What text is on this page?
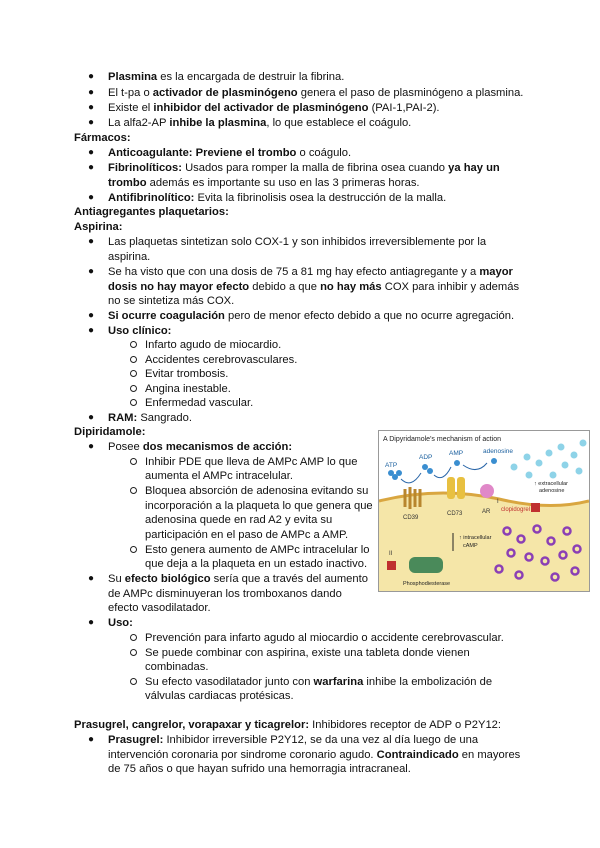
● Plasmina es la encargada de destruir la fibrina.
● El t-pa o activador de plasminógeno genera el paso de plasminógeno a plasmina.
● Existe el inhibidor del activador de plasminógeno (PAI-1,PAI-2).
● La alfa2-AP inhibe la plasmina, lo que establece el coágulo.
Fármacos:
● Anticoagulante: Previene el trombo o coágulo.
● Fibrinolíticos: Usados para romper la malla de fibrina osea cuando ya hay un
trombo además es importante su uso en las 3 primeras horas.
● Antifibrinolítico: Evita la fibrinolisis osea la destrucción de la malla.
Antiagregantes plaquetarios:
Aspirina:
● Las plaquetas sintetizan solo COX-1 y son inhibidos irreversiblemente por la
aspirina.
● Se ha visto que con una dosis de 75 a 81 mg hay efecto antiagregante y a mayor
dosis no hay mayor efecto debido a que no hay más COX para inhibir y además
no se sintetiza más COX.
● Si ocurre coagulación pero de menor efecto debido a que no ocurre agregación.
● Uso clínico:
Infarto agudo de miocardio.
Accidentes cerebrovasculares.
Evitar trombosis.
Angina inestable.
Enfermedad vascular.
● RAM: Sangrado.
Dipiridamole:
● Posee dos mecanismos de acción:
Inhibir PDE que lleva de AMPc AMP lo que
aumenta el AMPc intracelular.
Bloquea absorción de adenosina evitando su
incorporación a la plaqueta lo que genera que
adenosina quede en rad A2 y evita su
participación en el paso de AMPc a AMP.
Esto genera aumento de AMPc intracelular lo
que deja a la plaqueta en un estado inactivo.
● Su efecto biológico sería que a través del aumento
de AMPc disminuyeran los tromboxanos dando
efecto vasodilatador.
● Uso:
Prevención para infarto agudo al miocardio o accidente cerebrovascular.
Se puede combinar con aspirina, existe una tableta donde vienen
combinadas.
Su efecto vasodilatador junto con warfarina inhibe la embolización de
válvulas cardiacas protésicas.
Prasugrel, cangrelor, vorapaxar y ticagrelor: Inhibidores receptor de ADP o P2Y12:
● Prasugrel: Inhibidor irreversible P2Y12, se da una vez al día luego de una
intervención coronaria por sindrome coronario agudo. Contraindicado en mayores
de 75 años o que hayan sufrido una hemorragia intracraneal.
A Dipyridamole's mechanism of action
ATP
ADP
AMP	adenosine
CD39
CD73	AR
↑ extracellular
adenosine
clopidogrel
I
↑ intracellular
cAMP
Phosphodiesterase
II
